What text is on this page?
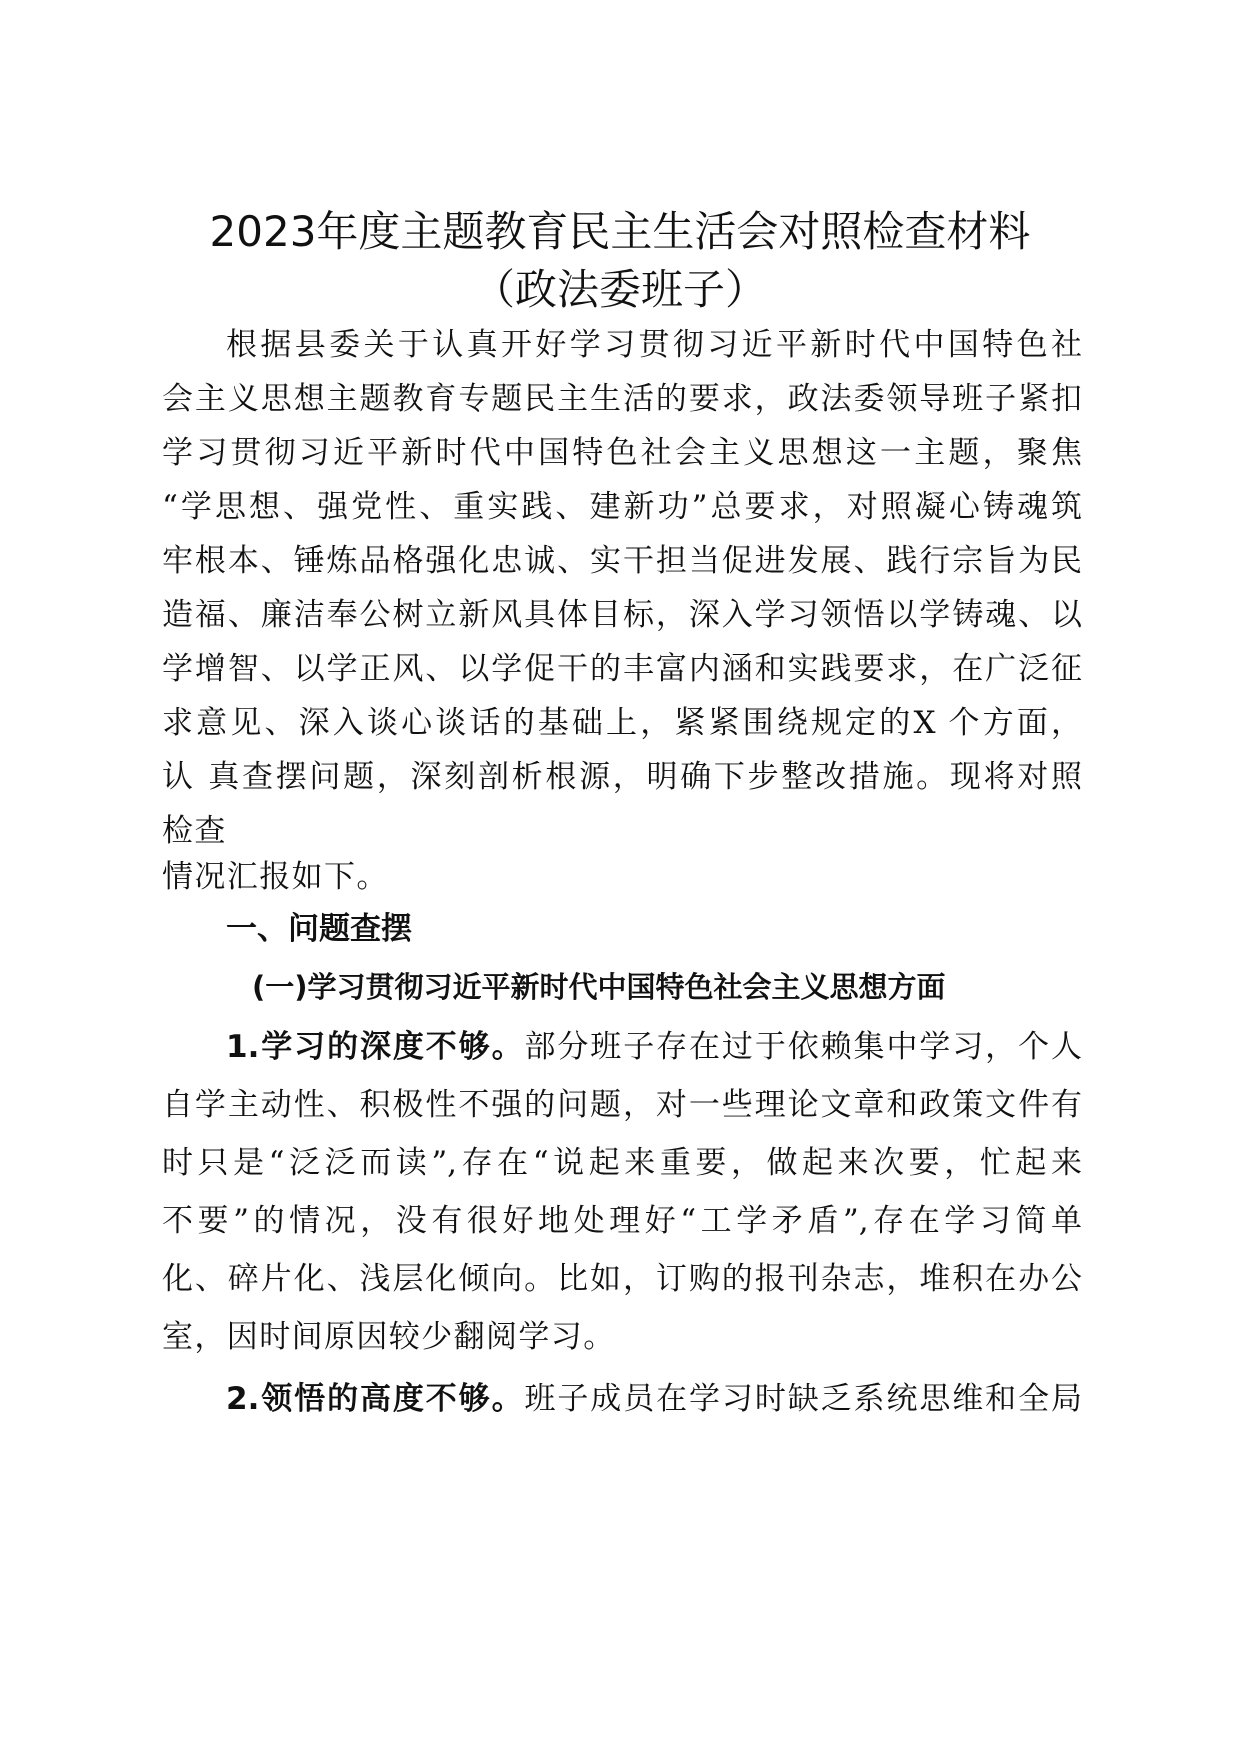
2023年度主题教育民主生活会对照检查材料
（政法委班子）

根据县委关于认真开好学习贯彻习近平新时代中国特色社

会主义思想主题教育专题民主生活的要求，政法委领导班子紧扣

学习贯彻习近平新时代中国特色社会主义思想这一主题，聚焦

“学思想、强党性、重实践、建新功”总要求，对照凝心铸魂筑

牢根本、锤炼品格强化忠诚、实干担当促进发展、践行宗旨为民

造福、廉洁奉公树立新风具体目标，深入学习领悟以学铸魂、以

学增智、以学正风、以学促干的丰富内涵和实践要求，在广泛征

求意见、深入谈心谈话的基础上，紧紧围绕规定的X 个方面，

认 真查摆问题，深刻剖析根源，明确下步整改措施。现将对照

检查

情况汇报如下。

一、问题查摆

(一)学习贯彻习近平新时代中国特色社会主义思想方面

1.学习的深度不够。部分班子存在过于依赖集中学习，个人

自学主动性、积极性不强的问题，对一些理论文章和政策文件有

时只是“泛泛而读”,存在“说起来重要，做起来次要，忙起来

不要”的情况，没有很好地处理好“工学矛盾”,存在学习简单

化、碎片化、浅层化倾向。比如，订购的报刊杂志，堆积在办公

室，因时间原因较少翻阅学习。

2.领悟的高度不够。班子成员在学习时缺乏系统思维和全局
